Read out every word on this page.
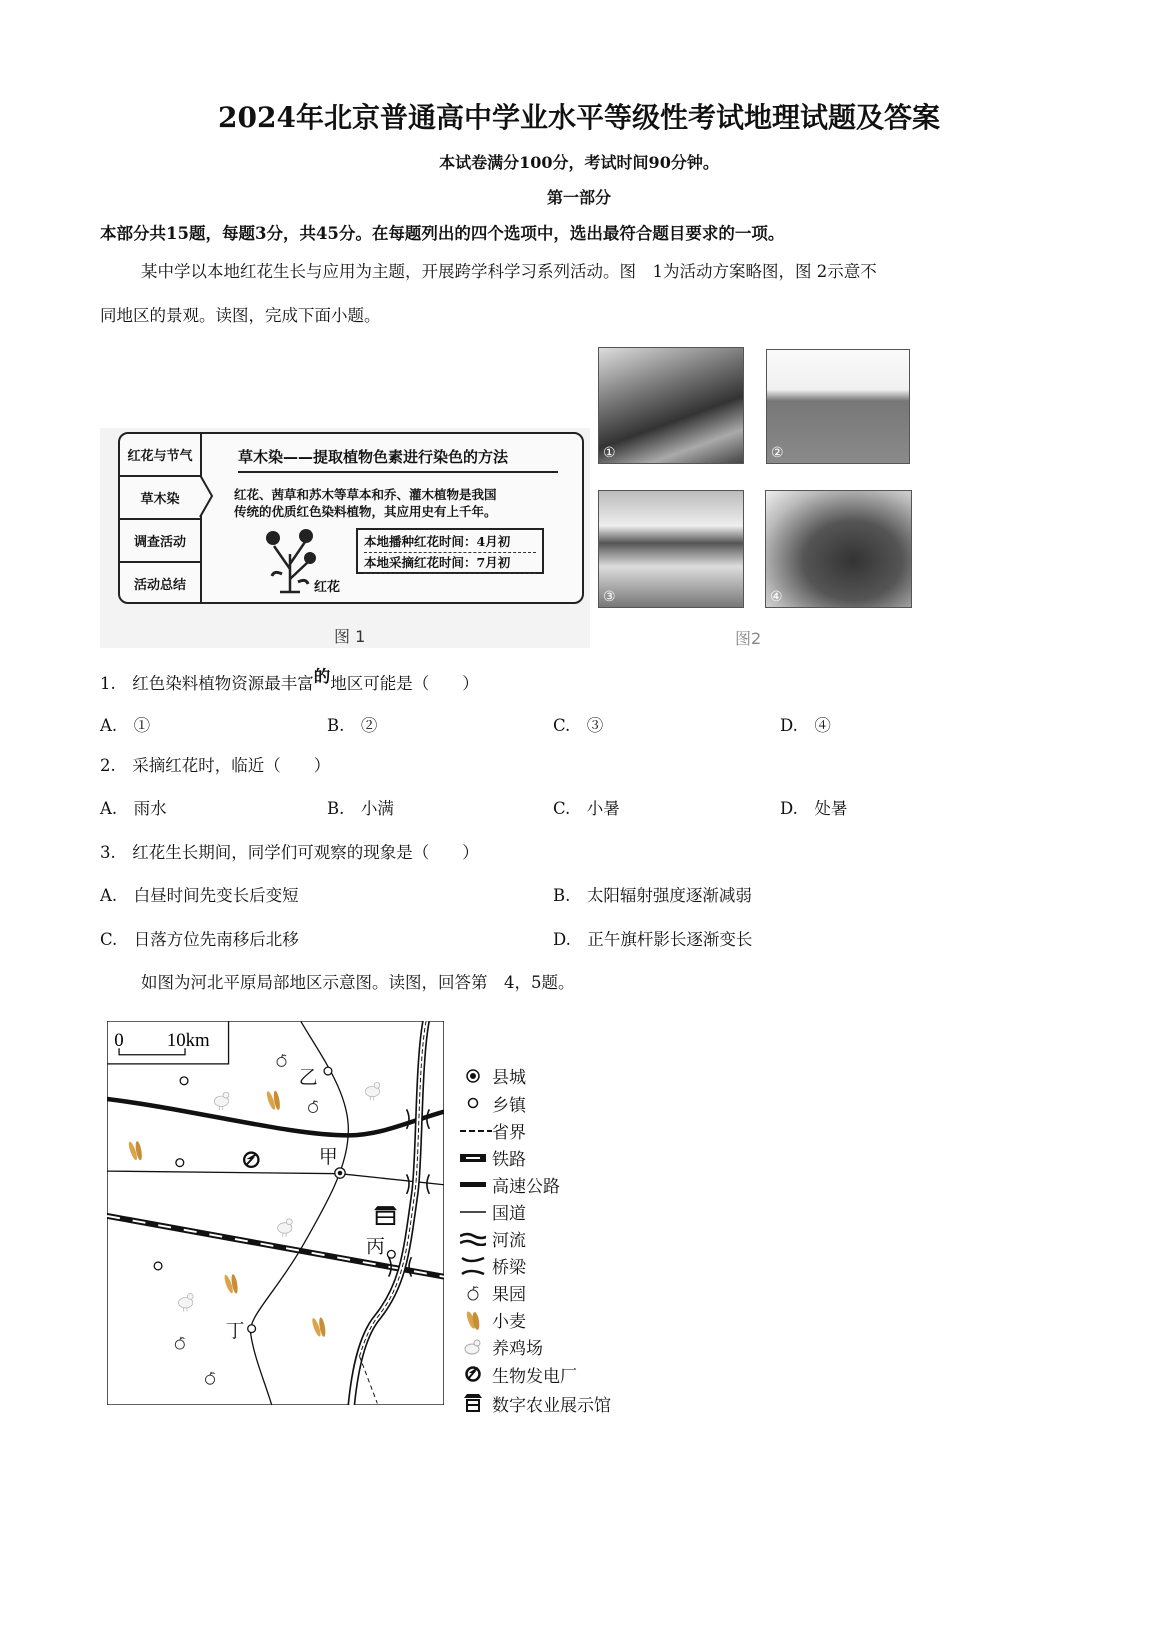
2024年北京普通高中学业水平等级性考试地理试题及答案
本试卷满分100分，考试时间90分钟。
第一部分
本部分共15题，每题3分，共45分。在每题列出的四个选项中，选出最符合题目要求的一项。
某中学以本地红花生长与应用为主题，开展跨学科学习系列活动。图　1为活动方案略图，图 2示意不
同地区的景观。读图，完成下面小题。
红花与节气
草木染
调查活动
活动总结
草木染——提取植物色素进行染色的方法
红花、茜草和苏木等草本和乔、灌木植物是我国
传统的优质红色染料植物，其应用史有上千年。
红花
本地播种红花时间：4月初
本地采摘红花时间：7月初
图 1
①	②
③	④
图2
1.　红色染料植物资源最丰富的地区可能是（　　）
A.　①	B.　②	C.　③	D.　④
2.　采摘红花时，临近（　　）
A.　雨水	B.　小满	C.　小暑	D.　处暑
3.　红花生长期间，同学们可观察的现象是（　　）
A.　白昼时间先变长后变短	B.　太阳辐射强度逐渐减弱
C.　日落方位先南移后北移	D.　正午旗杆影长逐渐变长
如图为河北平原局部地区示意图。读图，回答第　4，5题。
0 10km
乙
甲
丙
丁
县城
乡镇
省界
铁路
高速公路
国道
河流
桥梁
果园
小麦
养鸡场
生物发电厂
数字农业展示馆
